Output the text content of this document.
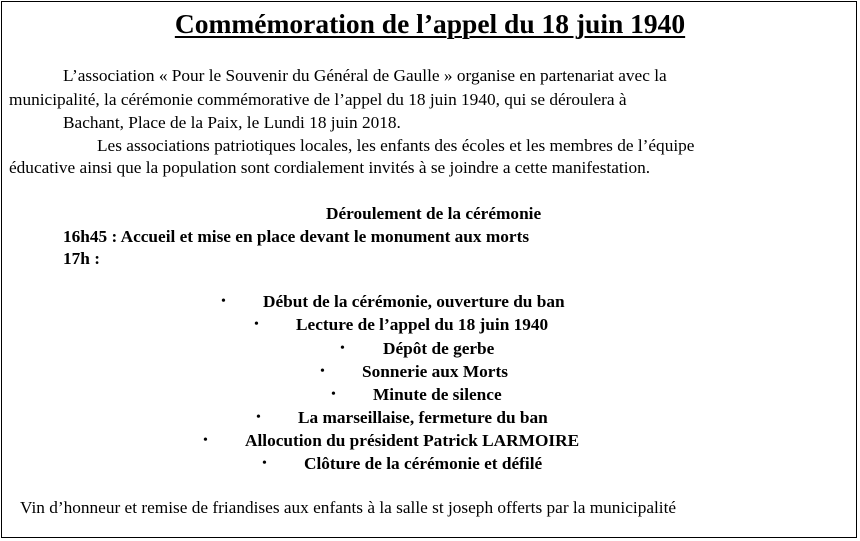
Commémoration de l’appel du 18 juin 1940
L’association « Pour le Souvenir du Général de Gaulle » organise en partenariat avec la
municipalité, la cérémonie commémorative de l’appel du 18 juin 1940, qui se déroulera à
Bachant, Place de la Paix, le Lundi 18 juin 2018.
Les associations patriotiques locales, les enfants des écoles et les membres de l’équipe
éducative ainsi que la population sont cordialement invités à se joindre a cette manifestation.
Déroulement de la cérémonie
16h45 : Accueil et mise en place devant le monument aux morts
17h :
• Début de la cérémonie, ouverture du ban
• Lecture de l’appel du 18 juin 1940
• Dépôt de gerbe
• Sonnerie aux Morts
• Minute de silence
• La marseillaise, fermeture du ban
• Allocution du président Patrick LARMOIRE
• Clôture de la cérémonie et défilé
Vin d’honneur et remise de friandises aux enfants à la salle st joseph offerts par la municipalité
